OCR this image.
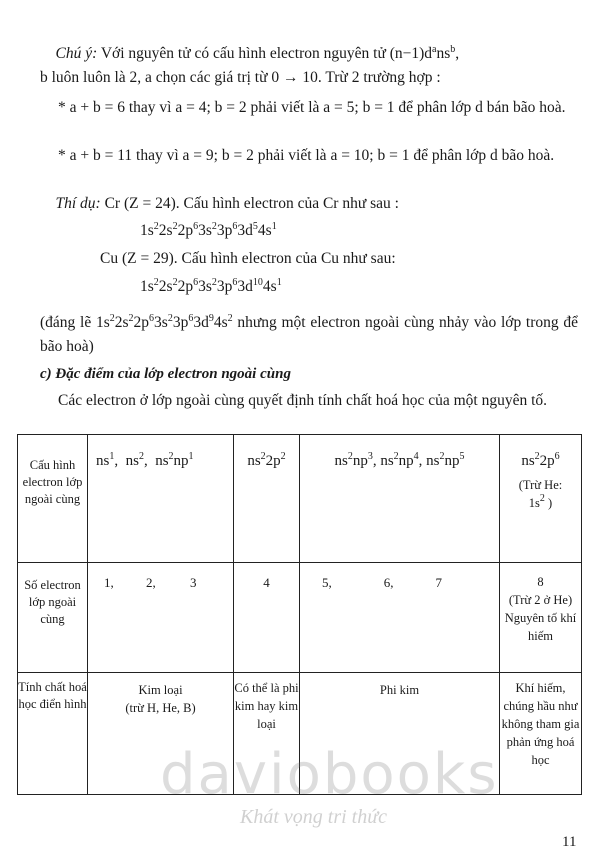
Chú ý: Với nguyên tử có cấu hình electron nguyên tử $(n-1)d^ans^b$,
b luôn luôn là 2, a chọn các giá trị từ 0 → 10. Trừ 2 trường hợp :

* a + b = 6 thay vì a = 4; b = 2 phải viết là a = 5; b = 1 để phân lớp d bán bão hoà.

* a + b = 11 thay vì a = 9; b = 2 phải viết là a = 10; b = 1 để phân lớp d bão hoà.

Thí dụ: Cr (Z = 24). Cấu hình electron của Cr như sau :

$1s^22s^22p^63s^23p^63d^54s^1$
Cu (Z = 29). Cấu hình electron của Cu như sau:
$1s^22s^22p^63s^23p^63d^{10}4s^1$

(đáng lẽ $1s^22s^22p^63s^23p^63d^94s^2$ nhưng một electron ngoài cùng nhảy vào lớp trong để bão hoà)

c) Đặc điểm của lớp electron ngoài cùng

Các electron ở lớp ngoài cùng quyết định tính chất hoá học của một nguyên tố.

Cấu hình electron lớp ngoài cùng	$ns^1$,  $ns^2$,  $ns^2np^1$	$ns^22p^2$	$ns^2np^3$, $ns^2np^4$, $ns^2np^5$	$ns^22p^6$
(Trừ He:
$1s^2$ )

Số electron lớp ngoài cùng	1, 2, 3	4	5, 6, 7	8
(Trừ 2 ở He)
Nguyên tố khí hiếm

Tính chất hoá học điển hình	Kim loại
(trừ H, He, B)	Có thể là phi kim hay kim loại	Phi kim	Khí hiếm, chúng hầu như không tham gia phản ứng hoá học
daviobooks
Khát vọng tri thức
11
